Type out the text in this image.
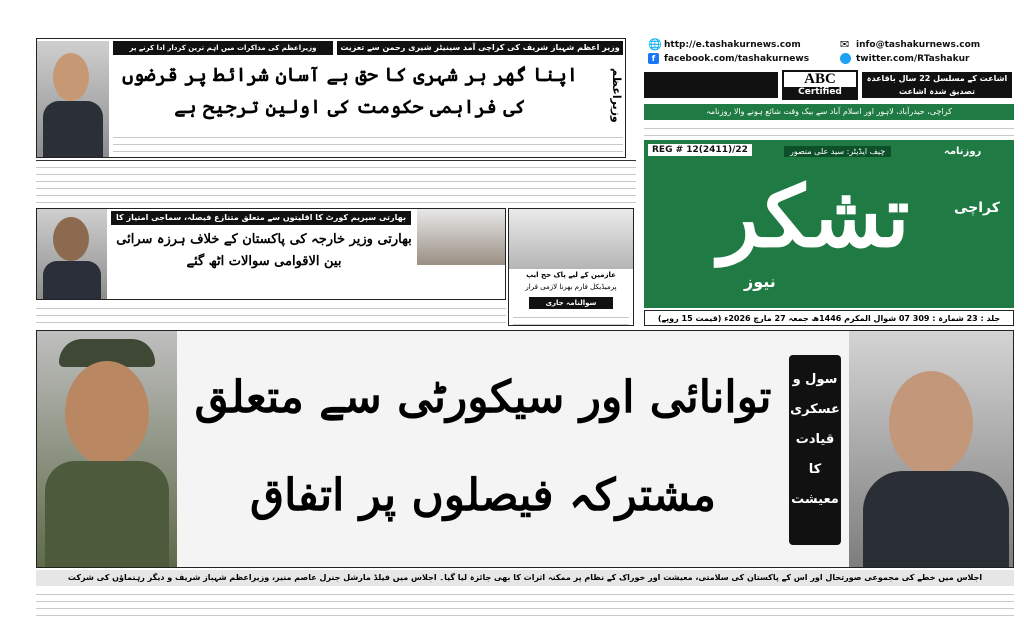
وزیر اعظم شہباز شریف کی کراچی آمد سینیٹر شیری رحمن سے تعزیت
وزیراعظم کی مذاکرات میں اہم ترین کردار ادا کرنے پر
اپنا گھر ہر شہری کا حق ہے آسان شرائط پر قرضوں کی فراہمی حکومت کی اولین ترجیح ہے	وزیراعظم
🌐 http://e.tashakurnews.com	✉ info@tashakurnews.com
f facebook.com/tashakurnews	twitter.com/RTashakur
ABC
Certified
اشاعت کے مسلسل 22 سال باقاعدہ تصدیق شدہ اشاعت
کراچی، حیدرآباد، لاہور اور اسلام آباد سے بیک وقت شائع ہونے والا روزنامہ
REG # 12(2411)/22	چیف ایڈیٹر: سید علی منصور	روزنامہ
تشکر	کراچی
نیوز
جلد : 23 شمارہ : 309 07 شوال المکرم 1446ھ جمعہ 27 مارچ 2026ء (قیمت 15 روپے)
بھارتی سپریم کورٹ کا اقلیتوں سے متعلق متنازع فیصلہ، سماجی امتیاز کا
بھارتی وزیر خارجہ کی پاکستان کے خلاف ہرزہ سرائی بین الاقوامی سوالات اٹھ گئے
عازمین کے لیے پاک حج ایپ
پرمیڈیکل فارم بھرنا لازمی قرار
سوالنامہ جاری
توانائی اور سیکورٹی سے متعلق مشترکہ فیصلوں پر اتفاق
سول و عسکری قیادت کا معیشت
اجلاس میں خطے کی مجموعی صورتحال اور اس کے پاکستان کی سلامتی، معیشت اور خوراک کے نظام پر ممکنہ اثرات کا بھی جائزہ لیا گیا۔ اجلاس میں فیلڈ مارشل جنرل عاصم منیر، وزیراعظم شہباز شریف و دیگر رہنماؤں کی شرکت
